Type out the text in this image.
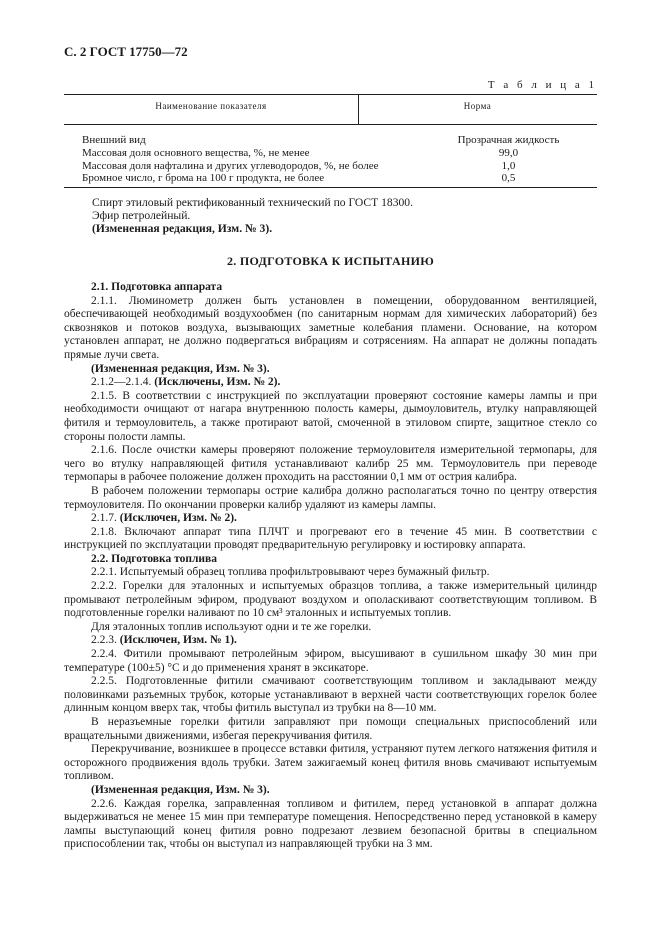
С. 2 ГОСТ 17750—72
Т а б л и ц а 1
Наименование показателя	Норма
Внешний вид	Прозрачная жидкость
Массовая доля основного вещества, %, не менее	99,0
Массовая доля нафталина и других углеводородов, %, не более	1,0
Бромное число, г брома на 100 г продукта, не более	0,5
Спирт этиловый ректификованный технический по ГОСТ 18300.
Эфир петролейный.
(Измененная редакция, Изм. № 3).
2. ПОДГОТОВКА К ИСПЫТАНИЮ

2.1. Подготовка аппарата

2.1.1. Люминометр должен быть установлен в помещении, оборудованном вентиляцией, обеспечивающей необходимый воздухообмен (по санитарным нормам для химических лабораторий) без сквозняков и потоков воздуха, вызывающих заметные колебания пламени. Основание, на котором установлен аппарат, не должно подвергаться вибрациям и сотрясениям. На аппарат не должны попадать прямые лучи света.

(Измененная редакция, Изм. № 3).

2.1.2—2.1.4. (Исключены, Изм. № 2).

2.1.5. В соответствии с инструкцией по эксплуатации проверяют состояние камеры лампы и при необходимости очищают от нагара внутреннюю полость камеры, дымоуловитель, втулку направляющей фитиля и термоуловитель, а также протирают ватой, смоченной в этиловом спирте, защитное стекло со стороны полости лампы.

2.1.6. После очистки камеры проверяют положение термоуловителя измерительной термопары, для чего во втулку направляющей фитиля устанавливают калибр 25 мм. Термоуловитель при переводе термопары в рабочее положение должен проходить на расстоянии 0,1 мм от острия калибра.

В рабочем положении термопары острие калибра должно располагаться точно по центру отверстия термоуловителя. По окончании проверки калибр удаляют из камеры лампы.

2.1.7. (Исключен, Изм. № 2).

2.1.8. Включают аппарат типа ПЛЧТ и прогревают его в течение 45 мин. В соответствии с инструкцией по эксплуатации проводят предварительную регулировку и юстировку аппарата.

2.2. Подготовка топлива

2.2.1. Испытуемый образец топлива профильтровывают через бумажный фильтр.

2.2.2. Горелки для эталонных и испытуемых образцов топлива, а также измерительный цилиндр промывают петролейным эфиром, продувают воздухом и ополаскивают соответствующим топливом. В подготовленные горелки наливают по 10 см³ эталонных и испытуемых топлив.

Для эталонных топлив используют одни и те же горелки.

2.2.3. (Исключен, Изм. № 1).

2.2.4. Фитили промывают петролейным эфиром, высушивают в сушильном шкафу 30 мин при температуре (100±5) °С и до применения хранят в эксикаторе.

2.2.5. Подготовленные фитили смачивают соответствующим топливом и закладывают между половинками разъемных трубок, которые устанавливают в верхней части соответствующих горелок более длинным концом вверх так, чтобы фитиль выступал из трубки на 8—10 мм.

В неразъемные горелки фитили заправляют при помощи специальных приспособлений или вращательными движениями, избегая перекручивания фитиля.

Перекручивание, возникшее в процессе вставки фитиля, устраняют путем легкого натяжения фитиля и осторожного продвижения вдоль трубки. Затем зажигаемый конец фитиля вновь смачивают испытуемым топливом.

(Измененная редакция, Изм. № 3).

2.2.6. Каждая горелка, заправленная топливом и фитилем, перед установкой в аппарат должна выдерживаться не менее 15 мин при температуре помещения. Непосредственно перед установкой в камеру лампы выступающий конец фитиля ровно подрезают лезвием безопасной бритвы в специальном приспособлении так, чтобы он выступал из направляющей трубки на 3 мм.
